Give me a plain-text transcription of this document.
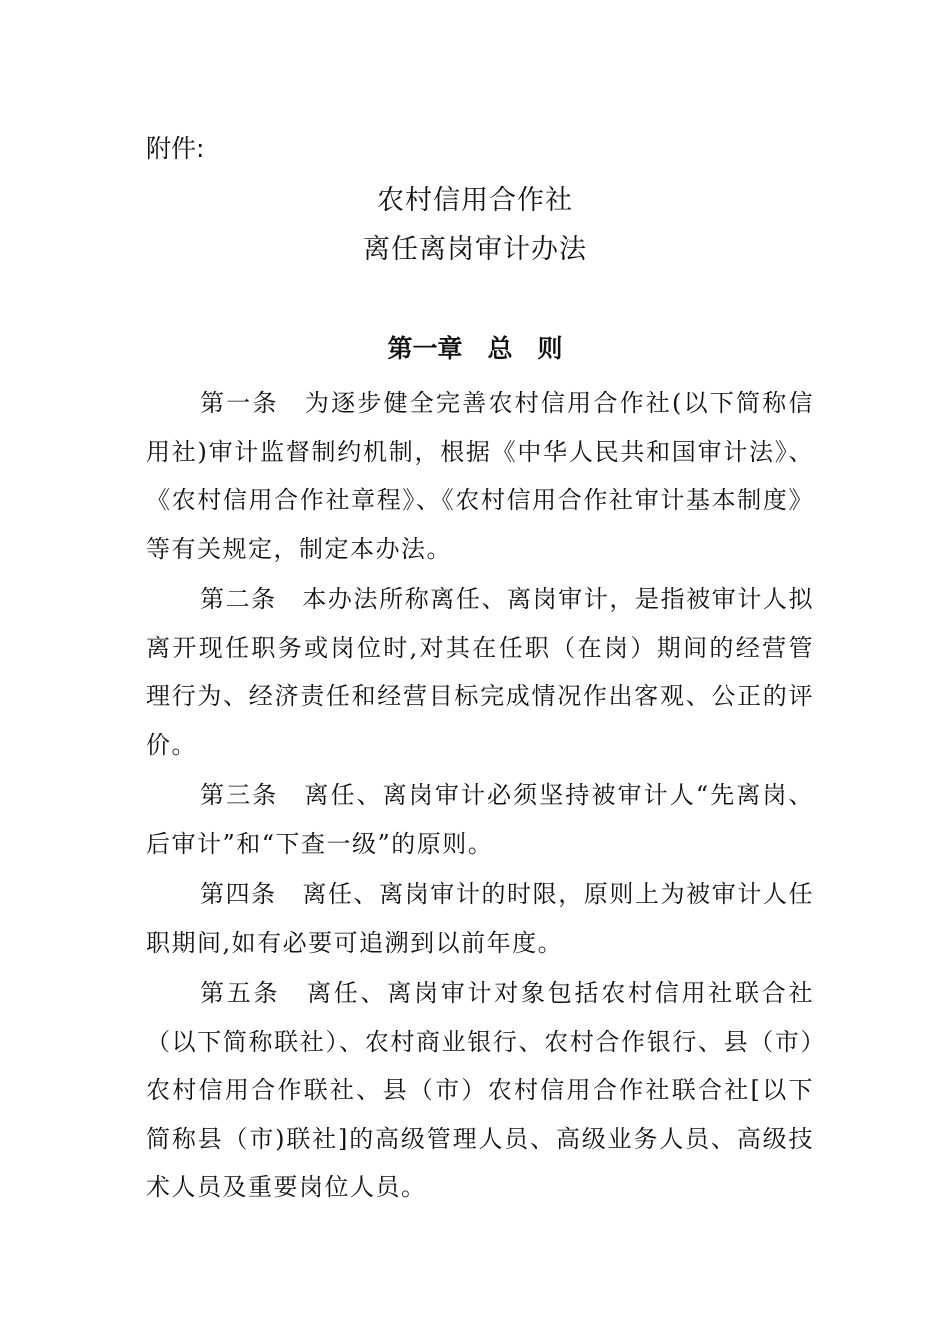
附件:
农村信用合作社
离任离岗审计办法
第一章　总　则

第一条　为逐步健全完善农村信用合作社(以下简称信用社)审计监督制约机制，根据《中华人民共和国审计法》、《农村信用合作社章程》、《农村信用合作社审计基本制度》等有关规定，制定本办法。

第二条　本办法所称离任、离岗审计，是指被审计人拟离开现任职务或岗位时,对其在任职（在岗）期间的经营管理行为、经济责任和经营目标完成情况作出客观、公正的评价。

第三条　离任、离岗审计必须坚持被审计人“先离岗、后审计”和“下查一级”的原则。

第四条　离任、离岗审计的时限，原则上为被审计人任职期间,如有必要可追溯到以前年度。

第五条　离任、离岗审计对象包括农村信用社联合社（以下简称联社）、农村商业银行、农村合作银行、县（市）农村信用合作联社、县（市）农村信用合作社联合社[以下简称县（市)联社]的高级管理人员、高级业务人员、高级技术人员及重要岗位人员。
